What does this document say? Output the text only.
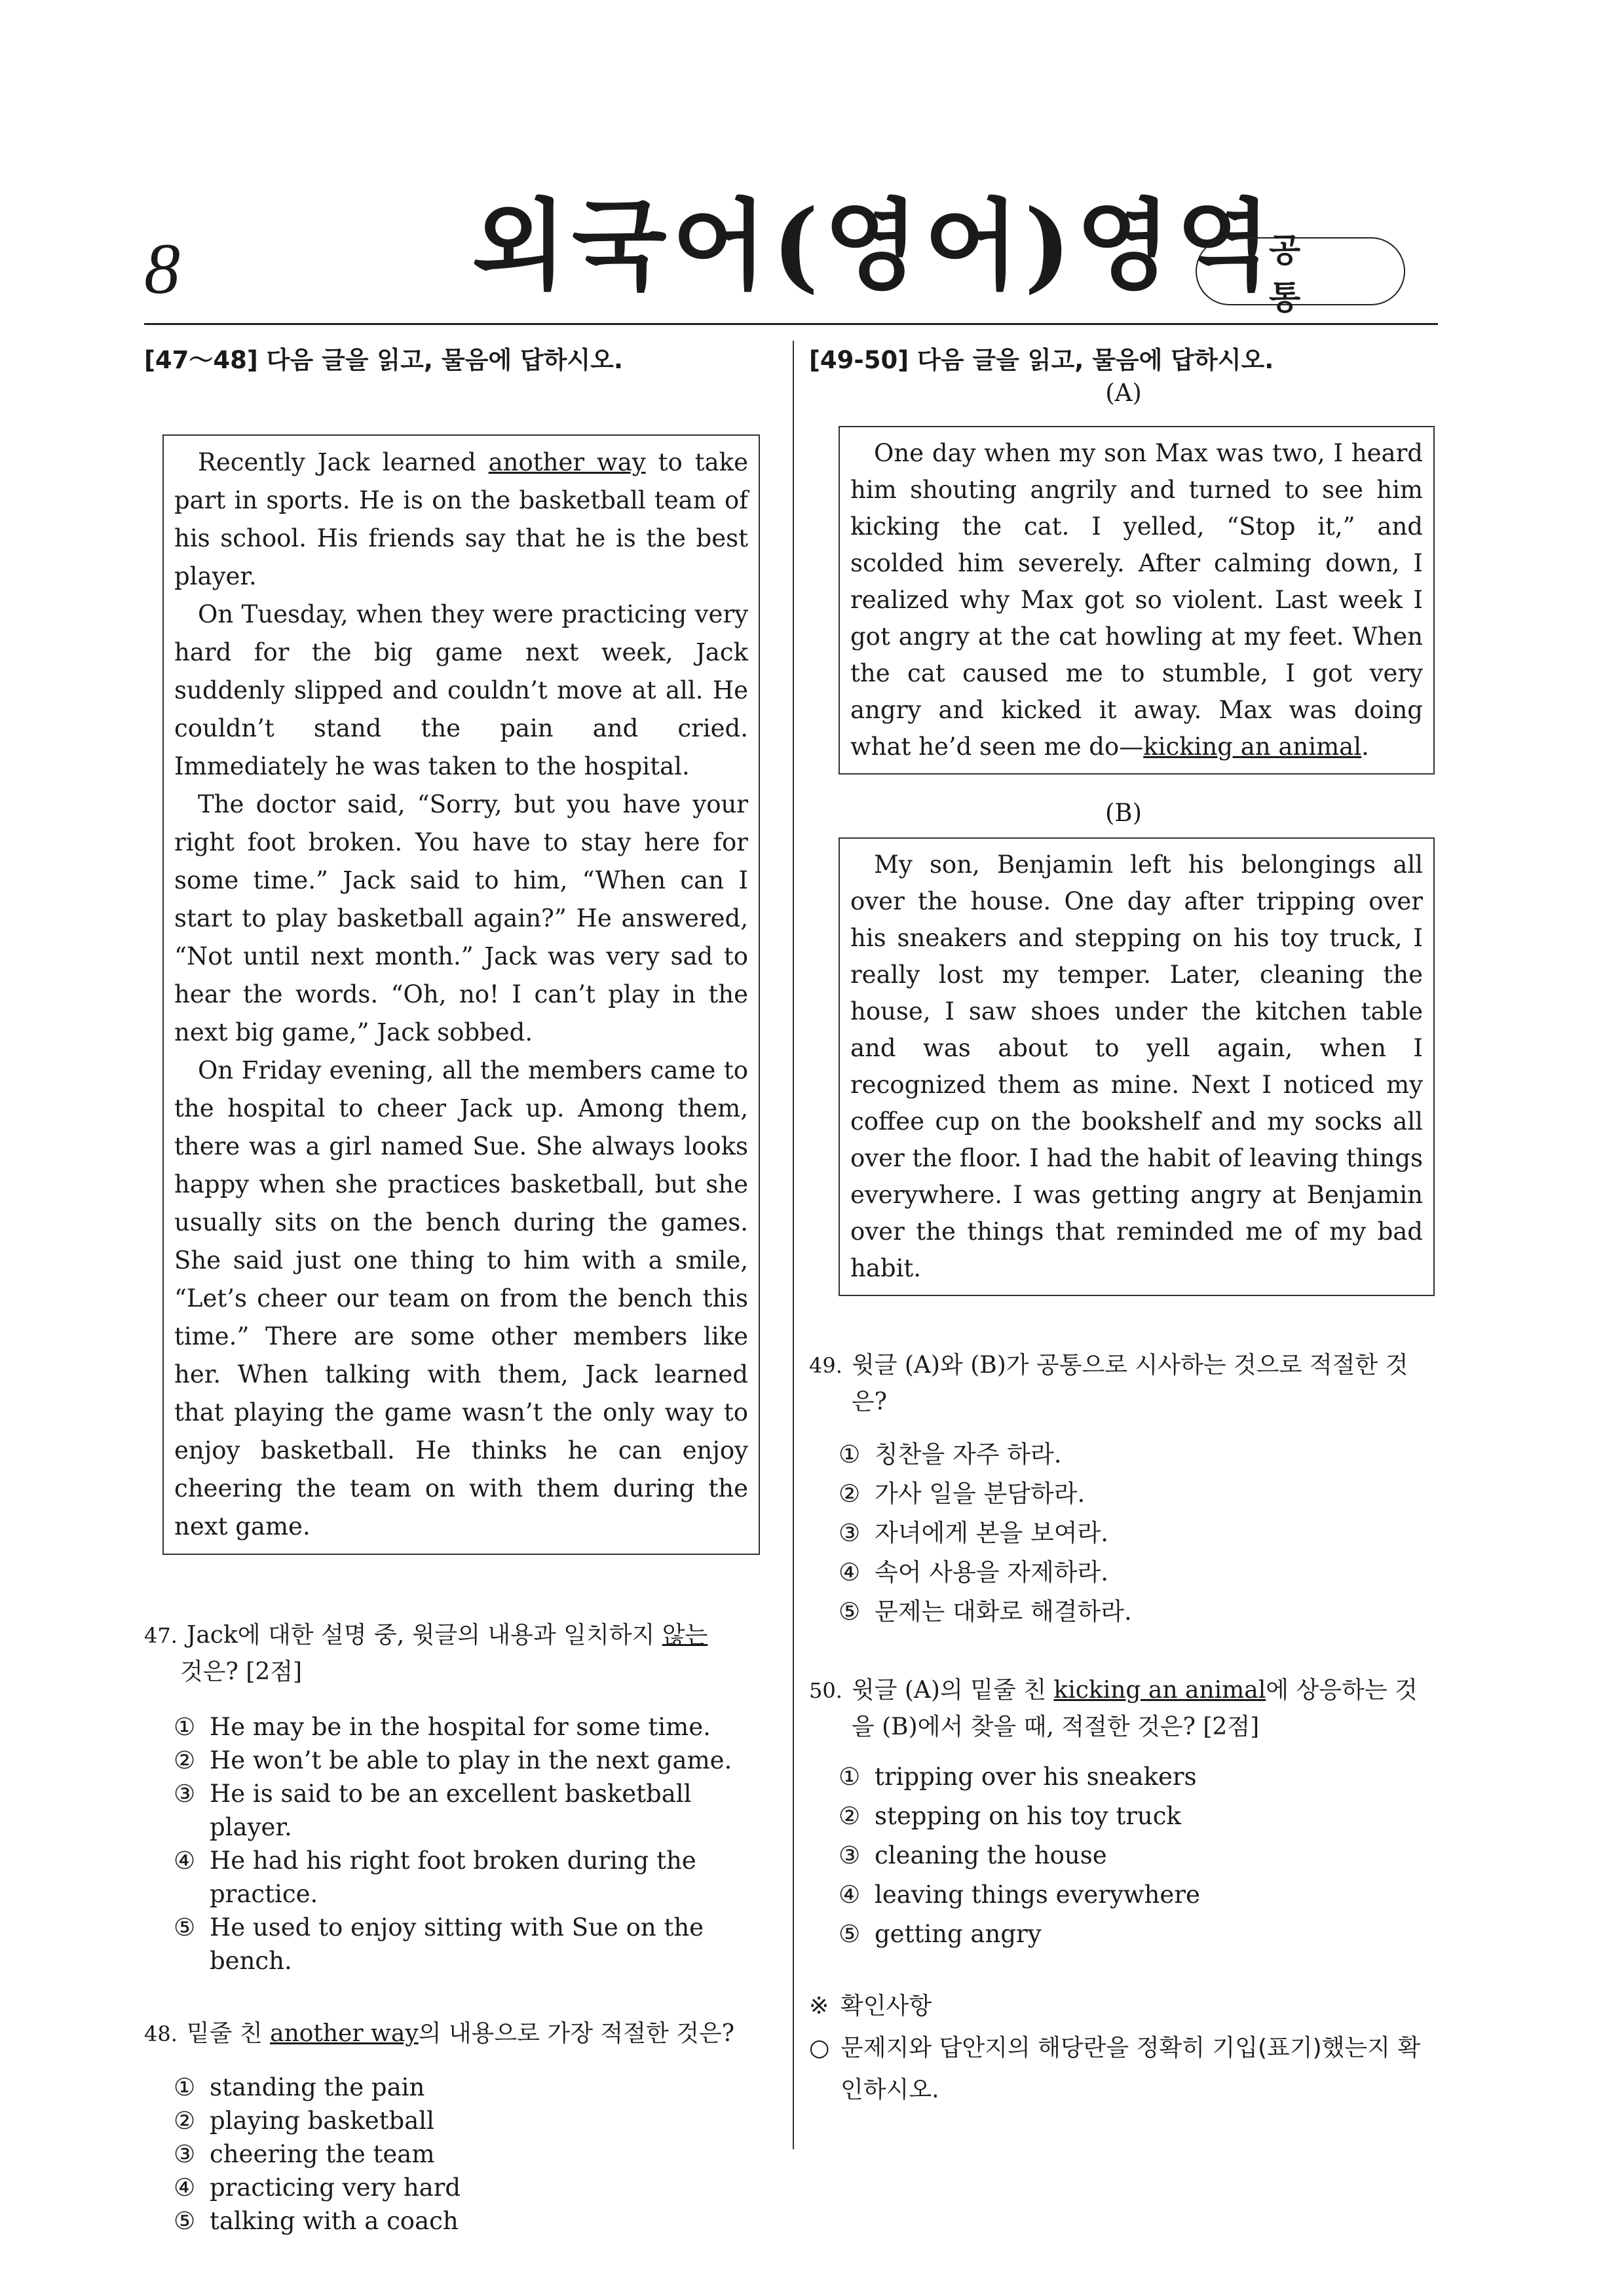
8	외국어(영어)영역
공 통
[47～48] 다음 글을 읽고, 물음에 답하시오.

Recently Jack learned another way to take part in sports. He is on the basketball team of his school. His friends say that he is the best player.

On Tuesday, when they were practicing very hard for the big game next week, Jack suddenly slipped and couldn’t move at all. He couldn’t stand the pain and cried. Immediately he was taken to the hospital.

The doctor said, “Sorry, but you have your right foot broken. You have to stay here for some time.” Jack said to him, “When can I start to play basketball again?” He answered, “Not until next month.” Jack was very sad to hear the words. “Oh, no! I can’t play in the next big game,” Jack sobbed.

On Friday evening, all the members came to the hospital to cheer Jack up. Among them, there was a girl named Sue. She always looks happy when she practices basketball, but she usually sits on the bench during the games. She said just one thing to him with a smile, “Let’s cheer our team on from the bench this time.” There are some other members like her. When talking with them, Jack learned that playing the game wasn’t the only way to enjoy basketball. He thinks he can enjoy cheering the team on with them during the next game.

47. Jack에 대한 설명 중, 윗글의 내용과 일치하지 않는
것은? [2점]
① He may be in the hospital for some time.
② He won’t be able to play in the next game.
③ He is said to be an excellent basketball player.
④ He had his right foot broken during the practice.
⑤ He used to enjoy sitting with Sue on the bench.
48. 밑줄 친 another way의 내용으로 가장 적절한 것은?
① standing the pain
② playing basketball
③ cheering the team
④ practicing very hard
⑤ talking with a coach
[49-50] 다음 글을 읽고, 물음에 답하시오.
(A)

One day when my son Max was two, I heard him shouting angrily and turned to see him kicking the cat. I yelled, “Stop it,” and scolded him severely. After calming down, I realized why Max got so violent. Last week I got angry at the cat howling at my feet. When the cat caused me to stumble, I got very angry and kicked it away. Max was doing what he’d seen me do—kicking an animal.

(B)

My son, Benjamin left his belongings all over the house. One day after tripping over his sneakers and stepping on his toy truck, I really lost my temper. Later, cleaning the house, I saw shoes under the kitchen table and was about to yell again, when I recognized them as mine. Next I noticed my coffee cup on the bookshelf and my socks all over the floor. I had the habit of leaving things everywhere. I was getting angry at Benjamin over the things that reminded me of my bad habit.

49. 윗글 (A)와 (B)가 공통으로 시사하는 것으로 적절한 것은?
① 칭찬을 자주 하라.
② 가사 일을 분담하라.
③ 자녀에게 본을 보여라.
④ 속어 사용을 자제하라.
⑤ 문제는 대화로 해결하라.
50. 윗글 (A)의 밑줄 친 kicking an animal에 상응하는 것을 (B)에서 찾을 때, 적절한 것은? [2점]
① tripping over his sneakers
② stepping on his toy truck
③ cleaning the house
④ leaving things everywhere
⑤ getting angry
※ 확인사항
○ 문제지와 답안지의 해당란을 정확히 기입(표기)했는지 확인하시오.
